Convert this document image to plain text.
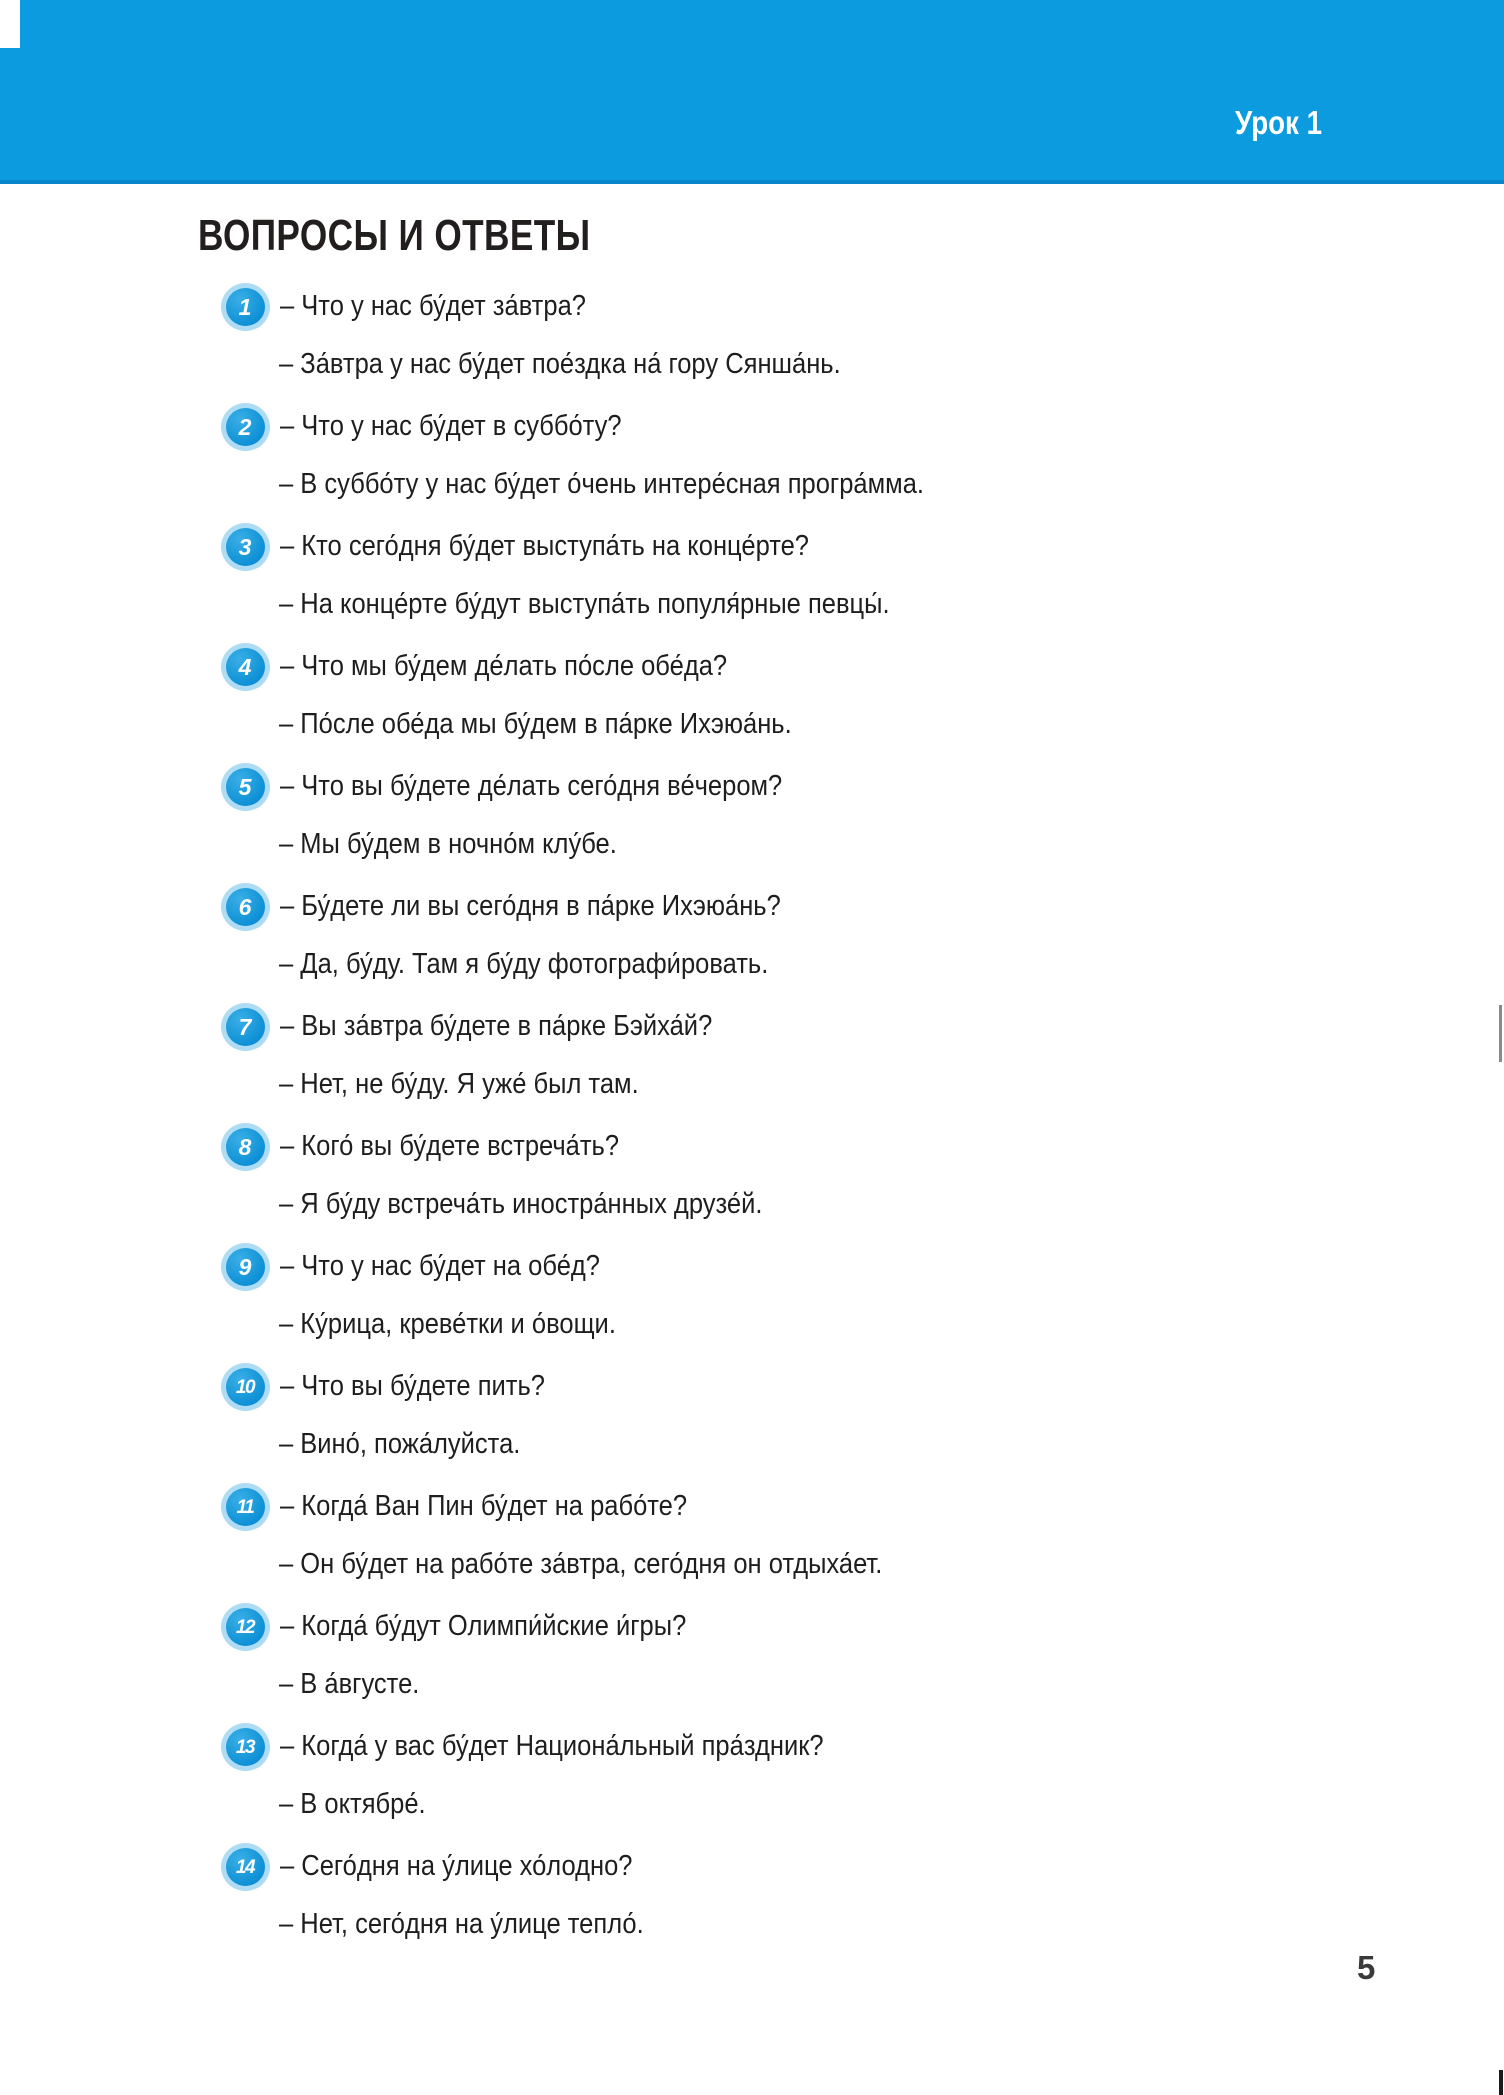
Урок 1
ВОПРОСЫ И ОТВЕТЫ
1 – Что у нас бу́дет за́втра?
– За́втра у нас бу́дет пое́здка на́ гору Сянша́нь.
2 – Что у нас бу́дет в суббо́ту?
– В суббо́ту у нас бу́дет о́чень интере́сная програ́мма.
3 – Кто сего́дня бу́дет выступа́ть на конце́рте?
– На конце́рте бу́дут выступа́ть популя́рные певцы́.
4 – Что мы бу́дем де́лать по́сле обе́да?
– По́сле обе́да мы бу́дем в па́рке Ихэюа́нь.
5 – Что вы бу́дете де́лать сего́дня ве́чером?
– Мы бу́дем в ночно́м клу́бе.
6 – Бу́дете ли вы сего́дня в па́рке Ихэюа́нь?
– Да, бу́ду. Там я бу́ду фотографи́ровать.
7 – Вы за́втра бу́дете в па́рке Бэйха́й?
– Нет, не бу́ду. Я уже́ был там.
8 – Кого́ вы бу́дете встреча́ть?
– Я бу́ду встреча́ть иностра́нных друзе́й.
9 – Что у нас бу́дет на обе́д?
– Ку́рица, креве́тки и о́вощи.
10 – Что вы бу́дете пить?
– Вино́, пожа́луйста.
11 – Когда́ Ван Пин бу́дет на рабо́те?
– Он бу́дет на рабо́те за́втра, сего́дня он отдыха́ет.
12 – Когда́ бу́дут Олимпи́йские и́гры?
– В а́вгусте.
13 – Когда́ у вас бу́дет Национа́льный пра́здник?
– В октябре́.
14 – Сего́дня на у́лице хо́лодно?
– Нет, сего́дня на у́лице тепло́.
5
